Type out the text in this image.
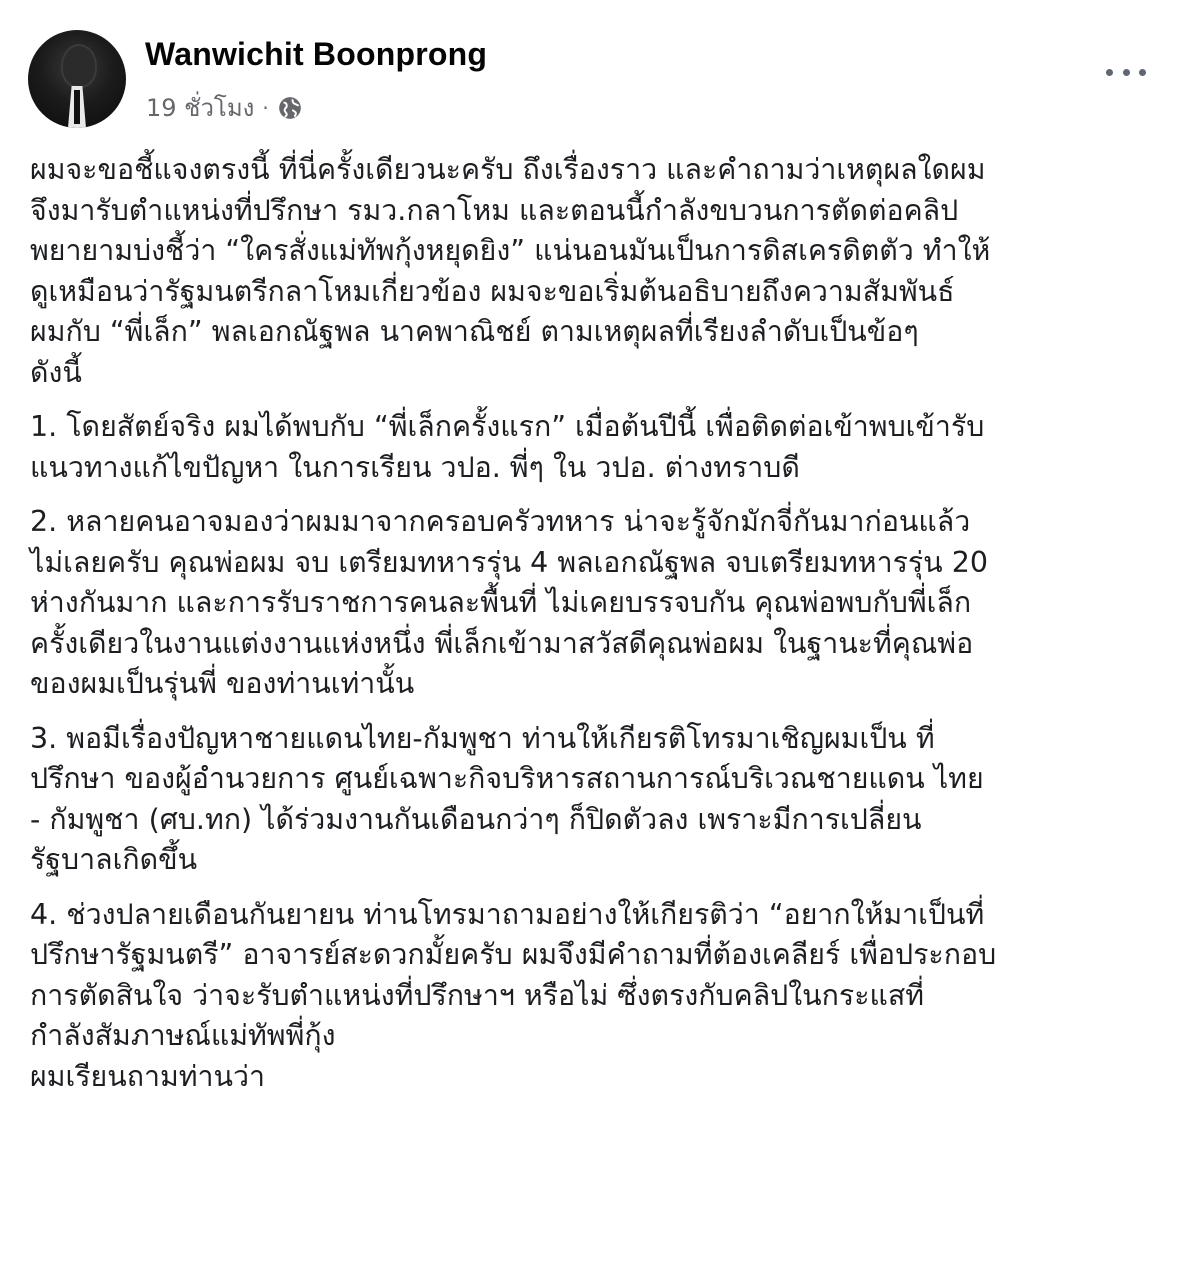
Wanwichit Boonprong
19 ชั่วโมง ·

ผมจะขอชี้แจงตรงนี้ ที่นี่ครั้งเดียวนะครับ ถึงเรื่องราว และคำถามว่าเหตุผลใดผม
จึงมารับตำแหน่งที่ปรึกษา รมว.กลาโหม และตอนนี้กำลังขบวนการตัดต่อคลิป
พยายามบ่งชี้ว่า “ใครสั่งแม่ทัพกุ้งหยุดยิง” แน่นอนมันเป็นการดิสเครดิตตัว ทำให้
ดูเหมือนว่ารัฐมนตรีกลาโหมเกี่ยวข้อง ผมจะขอเริ่มต้นอธิบายถึงความสัมพันธ์
ผมกับ “พี่เล็ก” พลเอกณัฐพล นาคพาณิชย์ ตามเหตุผลที่เรียงลำดับเป็นข้อๆ
ดังนี้

1. โดยสัตย์จริง ผมได้พบกับ “พี่เล็กครั้งแรก” เมื่อต้นปีนี้ เพื่อติดต่อเข้าพบเข้ารับ
แนวทางแก้ไขปัญหา ในการเรียน วปอ. พี่ๆ ใน วปอ. ต่างทราบดี

2. หลายคนอาจมองว่าผมมาจากครอบครัวทหาร น่าจะรู้จักมักจี่กันมาก่อนแล้ว
ไม่เลยครับ คุณพ่อผม จบ เตรียมทหารรุ่น 4 พลเอกณัฐพล จบเตรียมทหารรุ่น 20
ห่างกันมาก และการรับราชการคนละพื้นที่ ไม่เคยบรรจบกัน คุณพ่อพบกับพี่เล็ก
ครั้งเดียวในงานแต่งงานแห่งหนึ่ง พี่เล็กเข้ามาสวัสดีคุณพ่อผม ในฐานะที่คุณพ่อ
ของผมเป็นรุ่นพี่ ของท่านเท่านั้น

3. พอมีเรื่องปัญหาชายแดนไทย-กัมพูชา ท่านให้เกียรติโทรมาเชิญผมเป็น ที่
ปรึกษา ของผู้อำนวยการ ศูนย์เฉพาะกิจบริหารสถานการณ์บริเวณชายแดน ไทย
- กัมพูชา (ศบ.ทก) ได้ร่วมงานกันเดือนกว่าๆ ก็ปิดตัวลง เพราะมีการเปลี่ยน
รัฐบาลเกิดขึ้น

4. ช่วงปลายเดือนกันยายน ท่านโทรมาถามอย่างให้เกียรติว่า “อยากให้มาเป็นที่
ปรึกษารัฐมนตรี” อาจารย์สะดวกมั้ยครับ ผมจึงมีคำถามที่ต้องเคลียร์ เพื่อประกอบ
การตัดสินใจ ว่าจะรับตำแหน่งที่ปรึกษาฯ หรือไม่ ซึ่งตรงกับคลิปในกระแสที่
กำลังสัมภาษณ์แม่ทัพพี่กุ้ง
ผมเรียนถามท่านว่า
